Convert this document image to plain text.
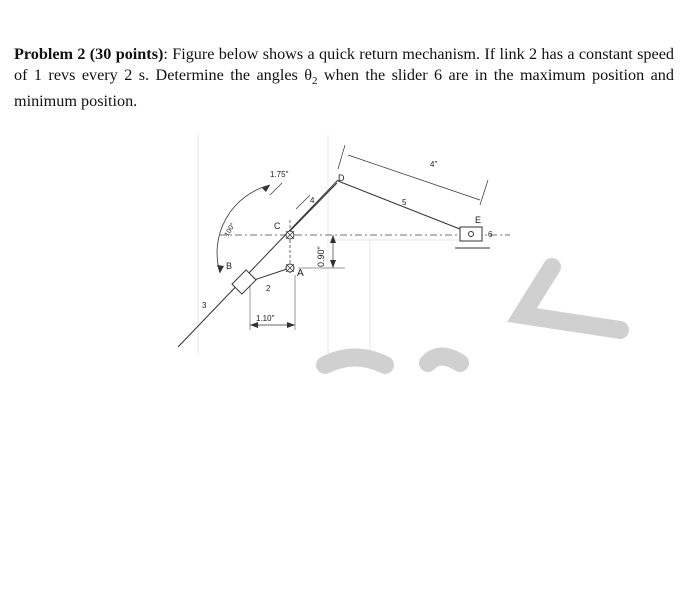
Problem 2 (30 points): Figure below shows a quick return mechanism. If link 2 has a constant speed of 1 revs every 2 s. Determine the angles $\theta_2$ when the slider 6 are in the maximum position and minimum position.

1.75"
4"
0.90"
1.10"
100°
A
B
C
D
E
2
3
4	5
6
